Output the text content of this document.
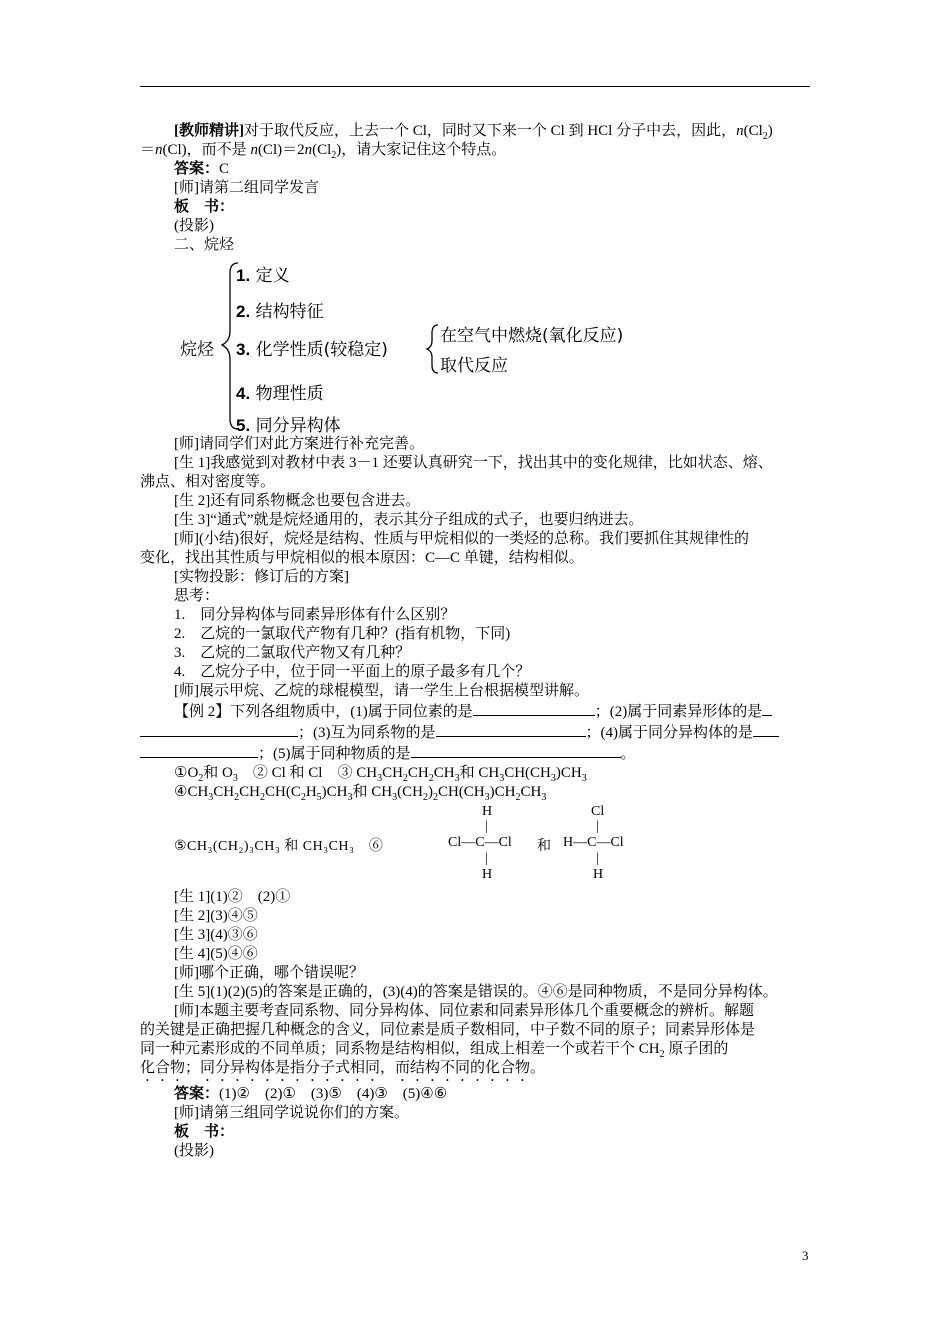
[教师精讲]对于取代反应，上去一个 Cl，同时又下来一个 Cl 到 HCl 分子中去，因此，$n(Cl_2)$
＝n(Cl)，而不是 $n(Cl)=2n(Cl_2)$，请大家记住这个特点。
答案：C
[师]请第二组同学发言
板　书：
(投影)
二、烷烃
烷烃
1. 定义
2. 结构特征
3. 化学性质(较稳定)
4. 物理性质
5. 同分异构体
在空气中燃烧(氧化反应)
取代反应
[师]请同学们对此方案进行补充完善。
[生 1]我感觉到对教材中表 3－1 还要认真研究一下，找出其中的变化规律，比如状态、熔、
沸点、相对密度等。
[生 2]还有同系物概念也要包含进去。
[生 3]“通式”就是烷烃通用的，表示其分子组成的式子，也要归纳进去。
[师](小结)很好，烷烃是结构、性质与甲烷相似的一类烃的总称。我们要抓住其规律性的
变化，找出其性质与甲烷相似的根本原因：C—C 单键，结构相似。
[实物投影：修订后的方案]
思考：
1.　同分异构体与同素异形体有什么区别？
2.　乙烷的一氯取代产物有几种？(指有机物，下同)
3.　乙烷的二氯取代产物又有几种？
4.　乙烷分子中，位于同一平面上的原子最多有几个？
[师]展示甲烷、乙烷的球棍模型，请一学生上台根据模型讲解。
【例 2】下列各组物质中，(1)属于同位素的是	；(2)属于同素异形体的是
；(3)互为同系物的是	；(4)属于同分异构体的是
；(5)属于同种物质的是	。
$①O_2$和 $O_3$　② Cl 和 Cl　③ $CH_3CH_2CH_2CH_3$和 $CH_3CH(CH_3)CH_3$
$④CH_3CH_2CH_2CH(C_2H_5)CH_3$和 $CH_3(CH_2)_2CH(CH_3)CH_2CH_3$
⑤CH₃(CH₂)₃CH₃ 和 CH₃CH₃　⑥
H
|
Cl—C—Cl
|
H
和
Cl
|
H—C—Cl
|
H
[生 1](1)②　(2)①
[生 2](3)④⑤
[生 3](4)③⑥
[生 4](5)④⑥
[师]哪个正确，哪个错误呢？
[生 5](1)(2)(5)的答案是正确的，(3)(4)的答案是错误的。④⑥是同种物质，不是同分异构体。
[师]本题主要考查同系物、同分异构体、同位素和同素异形体几个重要概念的辨析。解题
的关键是正确把握几种概念的含义，同位素是质子数相同，中子数不同的原子；同素异形体是
同一种元素形成的不同单质；同系物是结构相似，组成上相差一个或若干个 $CH_2$ 原子团的
化合物；同分异构体是指分子式相同，而结构不同的化合物。
答案：(1)②　(2)①　(3)⑤　(4)③　(5)④⑥
[师]请第三组同学说说你们的方案。
板　书：
(投影)
3
